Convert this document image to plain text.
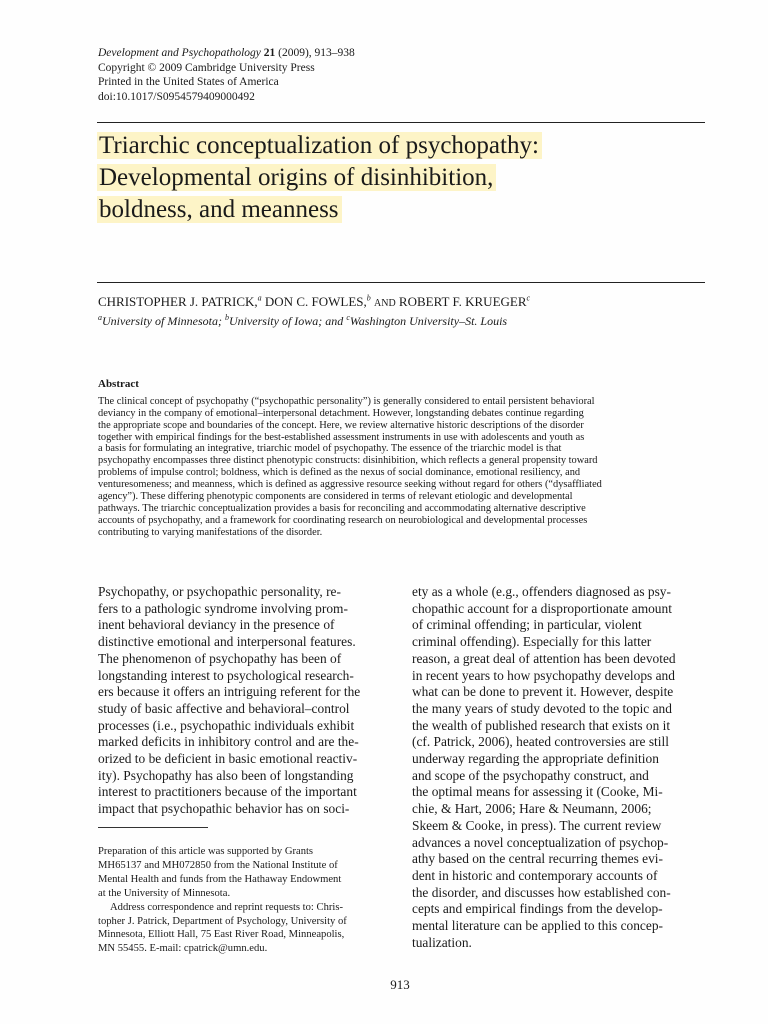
Development and Psychopathology 21 (2009), 913–938
Copyright © 2009 Cambridge University Press
Printed in the United States of America
doi:10.1017/S0954579409000492
Triarchic conceptualization of psychopathy:
Developmental origins of disinhibition,
boldness, and meanness
CHRISTOPHER J. PATRICK,$^a$ DON C. FOWLES,$^b$ AND ROBERT F. KRUEGER$^c$
$^a$University of Minnesota; $^b$University of Iowa; and $^c$Washington University–St. Louis
Abstract
The clinical concept of psychopathy (“psychopathic personality”) is generally considered to entail persistent behavioral
deviancy in the company of emotional–interpersonal detachment. However, longstanding debates continue regarding
the appropriate scope and boundaries of the concept. Here, we review alternative historic descriptions of the disorder
together with empirical findings for the best-established assessment instruments in use with adolescents and youth as
a basis for formulating an integrative, triarchic model of psychopathy. The essence of the triarchic model is that
psychopathy encompasses three distinct phenotypic constructs: disinhibition, which reflects a general propensity toward
problems of impulse control; boldness, which is defined as the nexus of social dominance, emotional resiliency, and
venturesomeness; and meanness, which is defined as aggressive resource seeking without regard for others (“dysaffliated
agency”). These differing phenotypic components are considered in terms of relevant etiologic and developmental
pathways. The triarchic conceptualization provides a basis for reconciling and accommodating alternative descriptive
accounts of psychopathy, and a framework for coordinating research on neurobiological and developmental processes
contributing to varying manifestations of the disorder.
Psychopathy, or psychopathic personality, re-
fers to a pathologic syndrome involving prom-
inent behavioral deviancy in the presence of
distinctive emotional and interpersonal features.
The phenomenon of psychopathy has been of
longstanding interest to psychological research-
ers because it offers an intriguing referent for the
study of basic affective and behavioral–control
processes (i.e., psychopathic individuals exhibit
marked deficits in inhibitory control and are the-
orized to be deficient in basic emotional reactiv-
ity). Psychopathy has also been of longstanding
interest to practitioners because of the important
impact that psychopathic behavior has on soci-
ety as a whole (e.g., offenders diagnosed as psy-
chopathic account for a disproportionate amount
of criminal offending; in particular, violent
criminal offending). Especially for this latter
reason, a great deal of attention has been devoted
in recent years to how psychopathy develops and
what can be done to prevent it. However, despite
the many years of study devoted to the topic and
the wealth of published research that exists on it
(cf. Patrick, 2006), heated controversies are still
underway regarding the appropriate definition
and scope of the psychopathy construct, and
the optimal means for assessing it (Cooke, Mi-
chie, & Hart, 2006; Hare & Neumann, 2006;
Skeem & Cooke, in press). The current review
advances a novel conceptualization of psychop-
athy based on the central recurring themes evi-
dent in historic and contemporary accounts of
the disorder, and discusses how established con-
cepts and empirical findings from the develop-
mental literature can be applied to this concep-
tualization.
Preparation of this article was supported by Grants
MH65137 and MH072850 from the National Institute of
Mental Health and funds from the Hathaway Endowment
at the University of Minnesota.
Address correspondence and reprint requests to: Chris-
topher J. Patrick, Department of Psychology, University of
Minnesota, Elliott Hall, 75 East River Road, Minneapolis,
MN 55455. E-mail: cpatrick@umn.edu.
913
